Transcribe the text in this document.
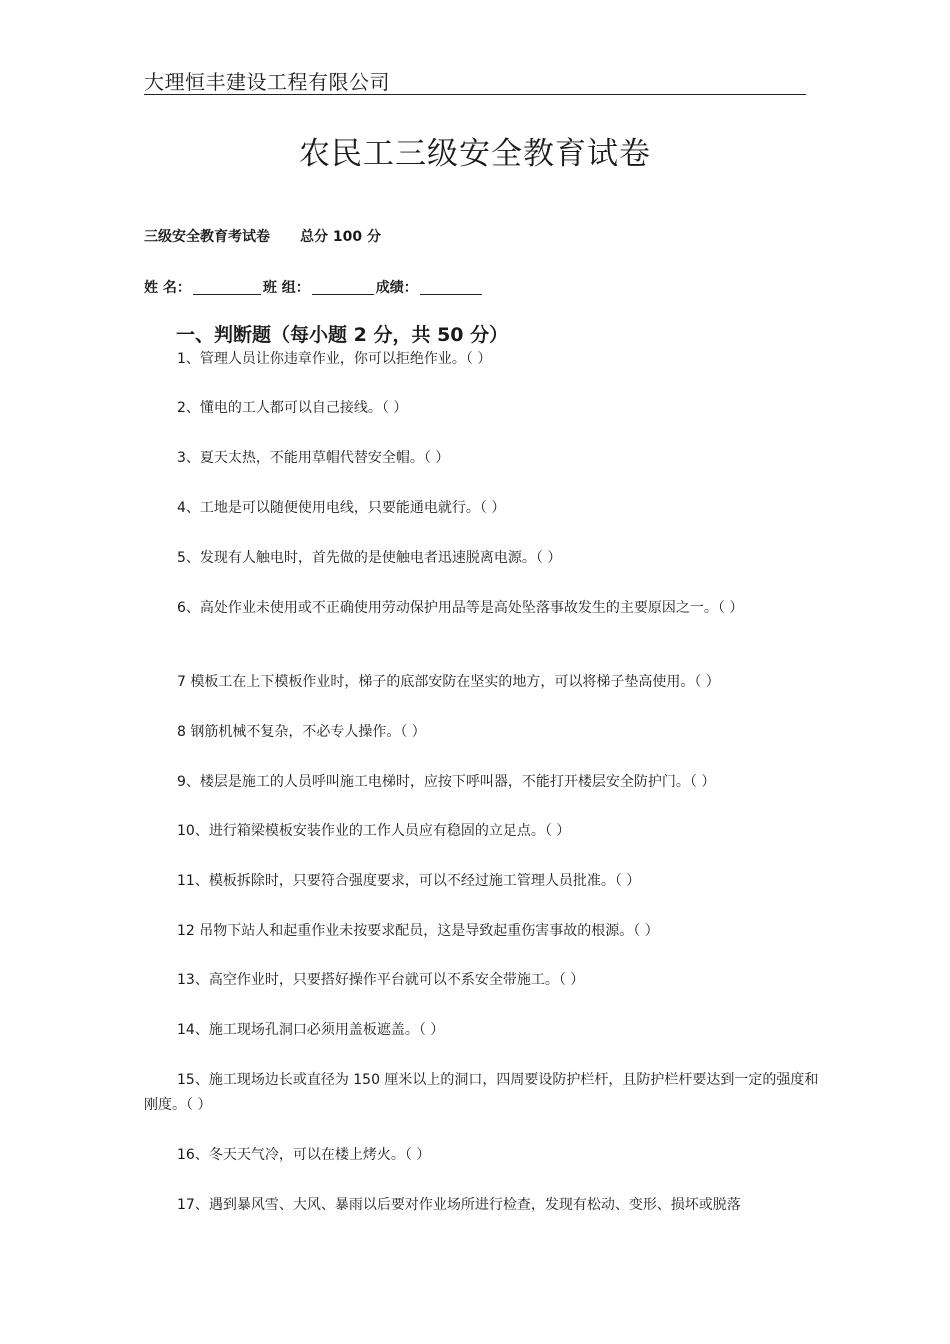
大理恒丰建设工程有限公司
农民工三级安全教育试卷
三级安全教育考试卷 总分 100 分
姓 名：	班 组：	成绩：
一、判断题（每小题 2 分，共 50 分）
1、管理人员让你违章作业，你可以拒绝作业。（ ）
2、懂电的工人都可以自己接线。（ ）
3、夏天太热，不能用草帽代替安全帽。（ ）
4、工地是可以随便使用电线，只要能通电就行。（ ）
5、发现有人触电时，首先做的是使触电者迅速脱离电源。（ ）
6、高处作业未使用或不正确使用劳动保护用品等是高处坠落事故发生的主要原因之一。（ ）
7 模板工在上下模板作业时，梯子的底部安防在坚实的地方，可以将梯子垫高使用。（ ）
8 钢筋机械不复杂，不必专人操作。（ ）
9、楼层是施工的人员呼叫施工电梯时，应按下呼叫器，不能打开楼层安全防护门。（ ）
10、进行箱梁模板安装作业的工作人员应有稳固的立足点。（ ）
11、模板拆除时，只要符合强度要求，可以不经过施工管理人员批准。（ ）
12 吊物下站人和起重作业未按要求配员，这是导致起重伤害事故的根源。（ ）
13、高空作业时，只要搭好操作平台就可以不系安全带施工。（ ）
14、施工现场孔洞口必须用盖板遮盖。（ ）
15、施工现场边长或直径为 150 厘米以上的洞口，四周要设防护栏杆，且防护栏杆要达到一定的强度和刚度。（ ）
16、冬天天气冷，可以在楼上烤火。（ ）
17、遇到暴风雪、大风、暴雨以后要对作业场所进行检查，发现有松动、变形、损坏或脱落
